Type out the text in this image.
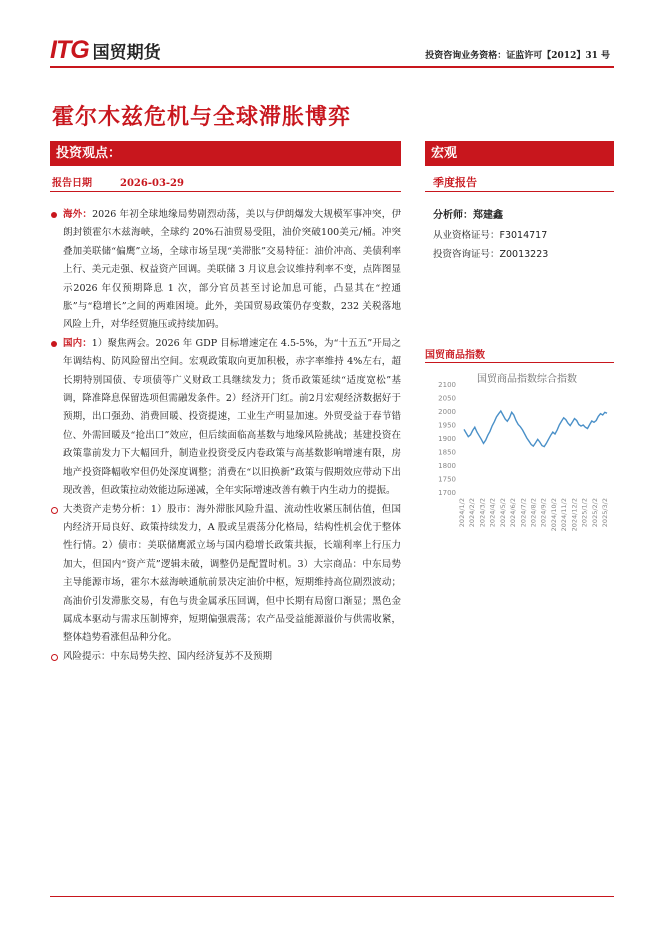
ITG 国贸期货	投资咨询业务资格：证监许可【2012】31 号
霍尔木兹危机与全球滞胀博弈
投资观点：	宏观
报告日期	2026-03-29	季度报告
分析师：郑建鑫
从业资格证号：F3014717
投资咨询证号：Z0013223
海外：2026 年初全球地缘局势剧烈动荡，美以与伊朗爆发大规模军事冲突，伊朗封锁霍尔木兹海峡，全球约 20%石油贸易受阻，油价突破100美元/桶。冲突叠加美联储“偏鹰”立场，全球市场呈现“美滞胀”交易特征：油价冲高、美债利率上行、美元走强、权益资产回调。美联储 3 月议息会议维持利率不变，点阵图显示2026 年仅预期降息 1 次，部分官员甚至讨论加息可能，凸显其在“控通胀”与“稳增长”之间的两难困境。此外，美国贸易政策仍存变数，232 关税落地风险上升，对华经贸施压或持续加码。
国内：1）聚焦两会。2026 年 GDP 目标增速定在 4.5-5%，为“十五五”开局之年调结构、防风险留出空间。宏观政策取向更加积极，赤字率维持 4%左右，超长期特别国债、专项债等广义财政工具继续发力；货币政策延续“适度宽松”基调，降准降息保留选项但需融发条件。2）经济开门红。前2月宏观经济数据好于预期，出口强劲、消费回暖、投资提速，工业生产明显加速。外贸受益于春节错位、外需回暖及“抢出口”效应，但后续面临高基数与地缘风险挑战；基建投资在政策靠前发力下大幅回升，制造业投资受反内卷政策与高基数影响增速有限，房地产投资降幅收窄但仍处深度调整；消费在“以旧换新”政策与假期效应带动下出现改善，但政策拉动效能边际递减，全年实际增速改善有赖于内生动力的提振。
大类资产走势分析：1）股市：海外滞胀风险升温、流动性收紧压制估值，但国内经济开局良好、政策持续发力，A 股或呈震荡分化格局，结构性机会优于整体性行情。2）债市：美联储鹰派立场与国内稳增长政策共振，长端利率上行压力加大，但国内“资产荒”逻辑未破，调整仍是配置时机。3）大宗商品：中东局势主导能源市场，霍尔木兹海峡通航前景决定油价中枢，短期维持高位剧烈波动；高油价引发滞胀交易，有色与贵金属承压回调，但中长期有局窗口渐显；黑色金属成本驱动与需求压制博弈，短期偏强震荡；农产品受益能源溢价与供需收紧，整体趋势看涨但品种分化。
风险提示：中东局势失控、国内经济复苏不及预期
国贸商品指数
国贸商品指数综合指数
2100
2050
2000
1950
1900
1850
1800
1750
1700
2024/1/2 2024/2/2 2024/3/2 2024/4/2 2024/5/2 2024/6/2 2024/7/2 2024/8/2 2024/9/2 2024/10/2 2024/11/2 2024/12/2 2025/1/2 2025/2/2 2025/3/2
